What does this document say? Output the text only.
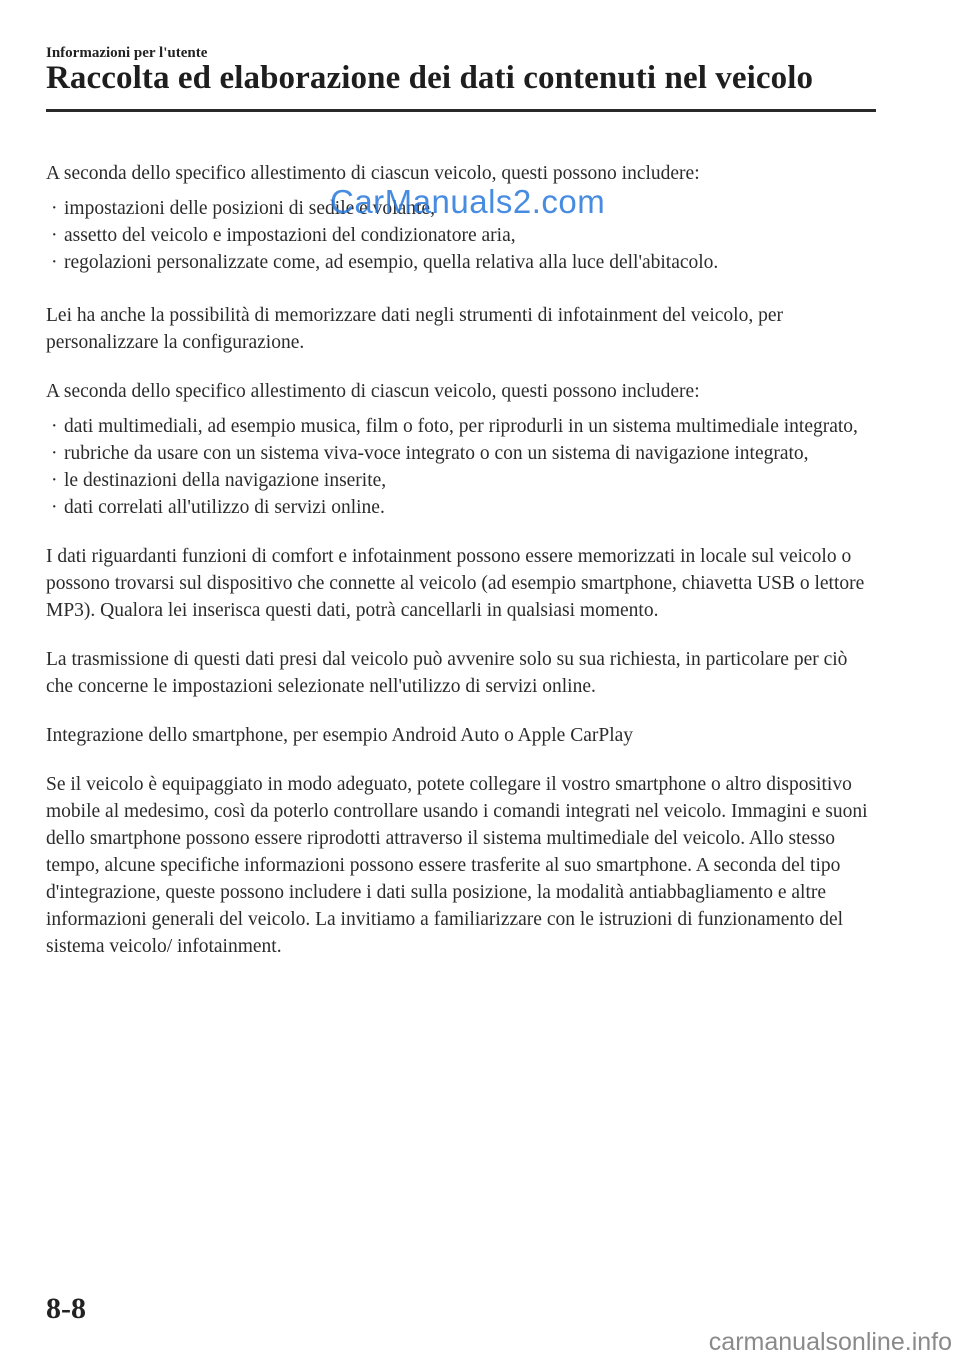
Informazioni per l'utente
Raccolta ed elaborazione dei dati contenuti nel veicolo

A seconda dello specifico allestimento di ciascun veicolo, questi possono includere:

· impostazioni delle posizioni di sedile e volante,
· assetto del veicolo e impostazioni del condizionatore aria,
· regolazioni personalizzate come, ad esempio, quella relativa alla luce dell'abitacolo.

Lei ha anche la possibilità di memorizzare dati negli strumenti di infotainment del veicolo, per personalizzare la configurazione.

A seconda dello specifico allestimento di ciascun veicolo, questi possono includere:

· dati multimediali, ad esempio musica, film o foto, per riprodurli in un sistema multimediale integrato,
· rubriche da usare con un sistema viva-voce integrato o con un sistema di navigazione integrato,
· le destinazioni della navigazione inserite,
· dati correlati all'utilizzo di servizi online.

I dati riguardanti funzioni di comfort e infotainment possono essere memorizzati in locale sul veicolo o possono trovarsi sul dispositivo che connette al veicolo (ad esempio smartphone, chiavetta USB o lettore MP3). Qualora lei inserisca questi dati, potrà cancellarli in qualsiasi momento.

La trasmissione di questi dati presi dal veicolo può avvenire solo su sua richiesta, in particolare per ciò che concerne le impostazioni selezionate nell'utilizzo di servizi online.

Integrazione dello smartphone, per esempio Android Auto o Apple CarPlay

Se il veicolo è equipaggiato in modo adeguato, potete collegare il vostro smartphone o altro dispositivo mobile al medesimo, così da poterlo controllare usando i comandi integrati nel veicolo. Immagini e suoni dello smartphone possono essere riprodotti attraverso il sistema multimediale del veicolo. Allo stesso tempo, alcune specifiche informazioni possono essere trasferite al suo smartphone. A seconda del tipo d'integrazione, queste possono includere i dati sulla posizione, la modalità antiabbagliamento e altre informazioni generali del veicolo. La invitiamo a familiarizzare con le istruzioni di funzionamento del sistema veicolo/ infotainment.

CarManuals2.com
8-8
carmanualsonline.info
